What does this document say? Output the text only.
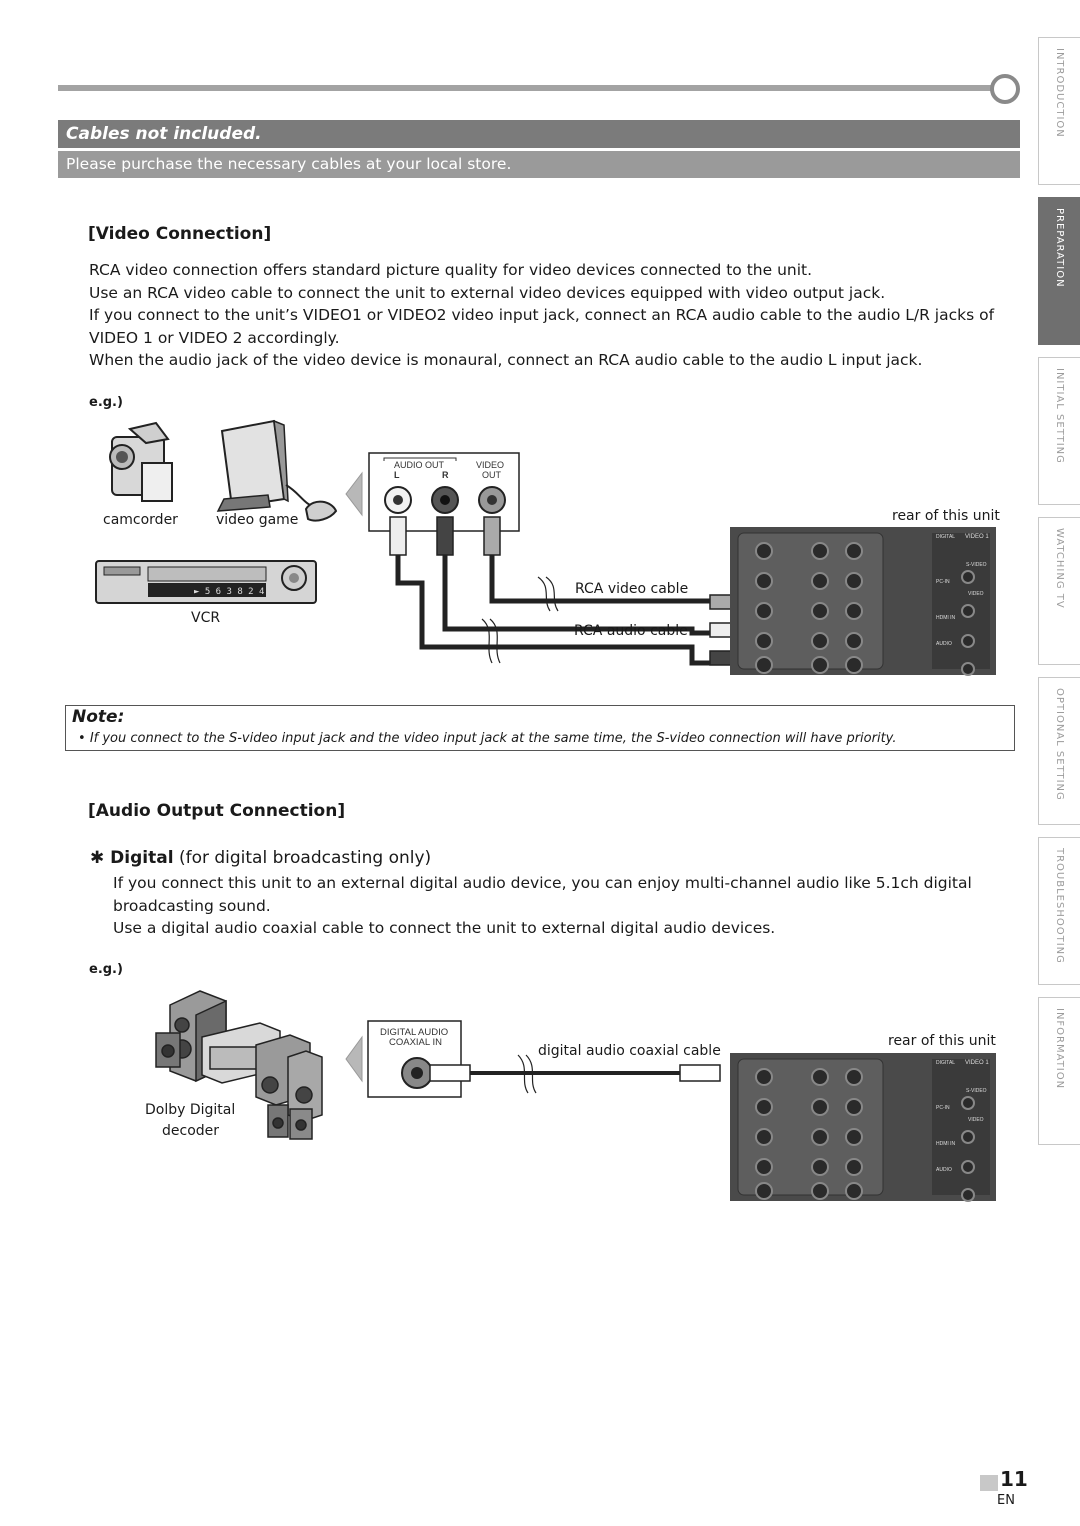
Cables not included.
Please purchase the necessary cables at your local store.
INTRODUCTION
PREPARATION
INITIAL SETTING
WATCHING TV
OPTIONAL SETTING
TROUBLESHOOTING
INFORMATION
[Video Connection]
RCA video connection offers standard picture quality for video devices connected to the unit.
Use an RCA video cable to connect the unit to external video devices equipped with video output jack.
If you connect to the unit’s VIDEO1 or VIDEO2 video input jack, connect an RCA audio cable to the audio L/R jacks of VIDEO 1 or VIDEO 2 accordingly.
When the audio jack of the video device is monaural, connect an RCA audio cable to the audio L input jack.
e.g.)
camcorder	video game
► 5 6 3 8 2 4
VCR
AUDIO OUT
L	R
VIDEO
OUT
RCA video cable
RCA audio cable
rear of this unit
VIDEO 1
DIGITAL
S-VIDEO
PC-IN
VIDEO
HDMI IN
AUDIO
Note:
• If you connect to the S-video input jack and the video input jack at the same time, the S-video connection will have priority.
[Audio Output Connection]
✱ Digital (for digital broadcasting only)
If you connect this unit to an external digital audio device, you can enjoy multi-channel audio like 5.1ch digital broadcasting sound.
Use a digital audio coaxial cable to connect the unit to external digital audio devices.
e.g.)
Dolby Digital
decoder
DIGITAL AUDIO
COAXIAL IN
digital audio coaxial cable
rear of this unit
VIDEO 1
DIGITAL
S-VIDEO
PC-IN
VIDEO
HDMI IN
AUDIO
11
EN
